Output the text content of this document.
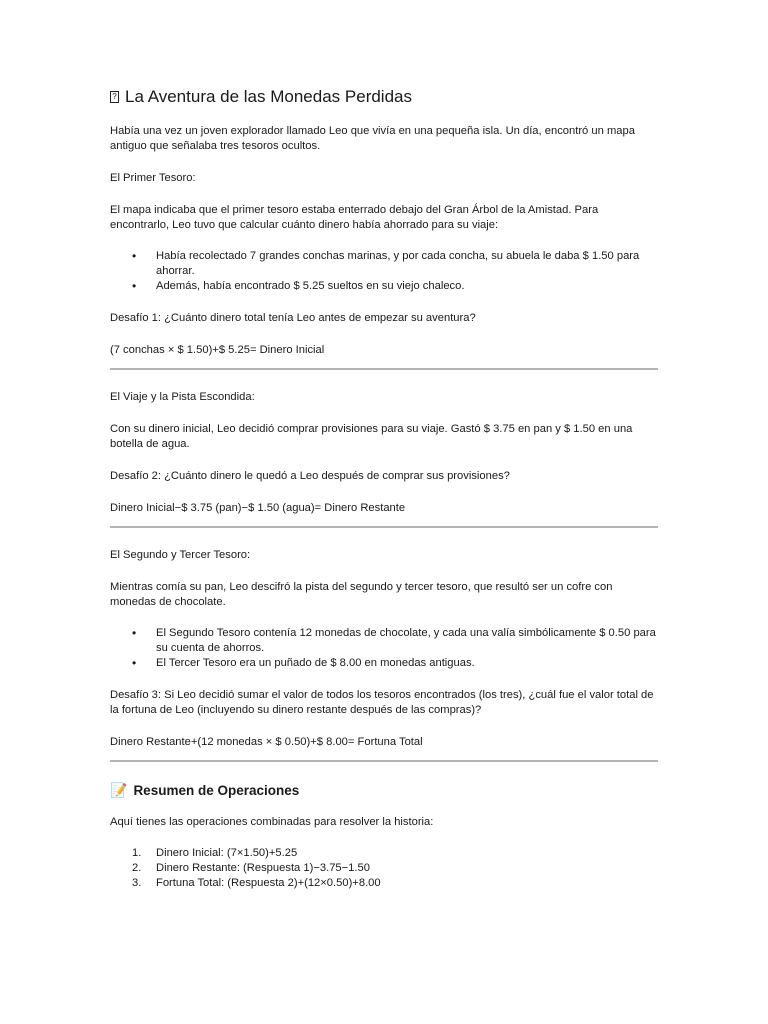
? La Aventura de las Monedas Perdidas

Había una vez un joven explorador llamado Leo que vivía en una pequeña isla. Un día, encontró un mapa antiguo que señalaba tres tesoros ocultos.

El Primer Tesoro:

El mapa indicaba que el primer tesoro estaba enterrado debajo del Gran Árbol de la Amistad. Para encontrarlo, Leo tuvo que calcular cuánto dinero había ahorrado para su viaje:

• Había recolectado 7 grandes conchas marinas, y por cada concha, su abuela le daba $ 1.50 para ahorrar.
• Además, había encontrado $ 5.25 sueltos en su viejo chaleco.

Desafío 1: ¿Cuánto dinero total tenía Leo antes de empezar su aventura?

(7 conchas × $ 1.50)+$ 5.25= Dinero Inicial

El Viaje y la Pista Escondida:

Con su dinero inicial, Leo decidió comprar provisiones para su viaje. Gastó $ 3.75 en pan y $ 1.50 en una botella de agua.

Desafío 2: ¿Cuánto dinero le quedó a Leo después de comprar sus provisiones?

Dinero Inicial−$ 3.75 (pan)−$ 1.50 (agua)= Dinero Restante

El Segundo y Tercer Tesoro:

Mientras comía su pan, Leo descifró la pista del segundo y tercer tesoro, que resultó ser un cofre con monedas de chocolate.

• El Segundo Tesoro contenía 12 monedas de chocolate, y cada una valía simbólicamente $ 0.50 para su cuenta de ahorros.
• El Tercer Tesoro era un puñado de $ 8.00 en monedas antiguas.

Desafío 3: Si Leo decidió sumar el valor de todos los tesoros encontrados (los tres), ¿cuál fue el valor total de la fortuna de Leo (incluyendo su dinero restante después de las compras)?

Dinero Restante+(12 monedas × $ 0.50)+$ 8.00= Fortuna Total

📝 Resumen de Operaciones

Aquí tienes las operaciones combinadas para resolver la historia:

1. Dinero Inicial: (7×1.50)+5.25
2. Dinero Restante: (Respuesta 1)−3.75−1.50
3. Fortuna Total: (Respuesta 2)+(12×0.50)+8.00
